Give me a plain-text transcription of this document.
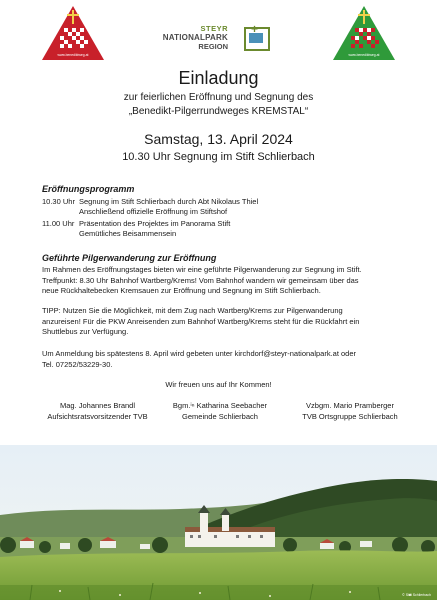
www.benediktweg.at
STEYR
NATIONALPARK
REGION
+
www.benediktweg.at
Einladung
zur feierlichen Eröffnung und Segnung des
„Benedikt-Pilgerrundweges KREMSTAL“
Samstag, 13. April 2024
10.30 Uhr Segnung im Stift Schlierbach
Eröffnungsprogramm
10.30 Uhr Segnung im Stift Schlierbach durch Abt Nikolaus Thiel
Anschließend offizielle Eröffnung im Stiftshof
11.00 Uhr Präsentation des Projektes im Panorama Stift
Gemütliches Beisammensein
Geführte Pilgerwanderung zur Eröffnung
Im Rahmen des Eröffnungstages bieten wir eine geführte Pilgerwanderung zur Segnung im Stift.
Treffpunkt: 8.30 Uhr Bahnhof Wartberg/Krems! Vom Bahnhof wandern wir gemeinsam über das
neue Rückhaltebecken Kremsauen zur Eröffnung und Segnung im Stift Schlierbach.
TIPP: Nutzen Sie die Möglichkeit, mit dem Zug nach Wartberg/Krems zur Pilgerwanderung
anzureisen! Für die PKW Anreisenden zum Bahnhof Wartberg/Krems steht für die Rückfahrt ein
Shuttlebus zur Verfügung.
Um Anmeldung bis spätestens 8. April wird gebeten unter kirchdorf@steyr-nationalpark.at oder
Tel. 07252/53229-30.
Wir freuen uns auf Ihr Kommen!
Mag. Johannes Brandl
Aufsichtsratsvorsitzender TVB
Bgm.ⁱⁿ Katharina Seebacher
Gemeinde Schlierbach
Vzbgm. Mario Pramberger
TVB Ortsgruppe Schlierbach
© Stift Schlierbach
